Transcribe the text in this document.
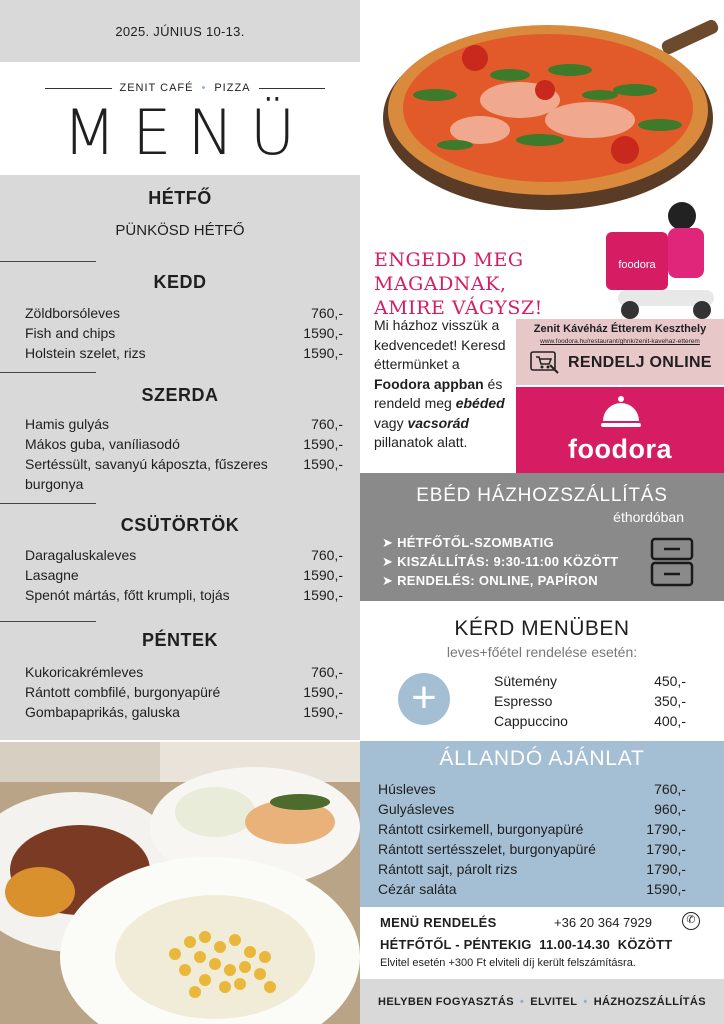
2025. JÚNIUS 10-13.
ZENIT CAFÉ • PIZZA
MENÜ
HÉTFŐ
PÜNKÖSD HÉTFŐ
KEDD
Zöldborsóleves	760,-
Fish and chips	1590,-
Holstein szelet, rizs	1590,-
SZERDA
Hamis gulyás	760,-
Mákos guba, vaníliasodó	1590,-
Sertéssült, savanyú káposzta, fűszeres burgonya
1590,-
CSÜTÖRTÖK
Daragaluskaleves	760,-
Lasagne	1590,-
Spenót mártás, főtt krumpli, tojás	1590,-
PÉNTEK
Kukoricakrémleves	760,-
Rántott combfilé, burgonyapüré	1590,-
Gombapaprikás, galuska	1590,-
ENGEDD MEG MAGADNAK,
AMIRE VÁGYSZ!
foodora
Mi házhoz visszük a kedvencedet! Keresd éttermünket a Foodora appban és rendeld meg ebéded vagy vacsorád pillanatok alatt.
Zenit Kávéház Étterem Keszthely
www.foodora.hu/restaurant/ghnk/zenit-kavehaz-etterem
RENDELJ ONLINE
foodora
EBÉD HÁZHOZSZÁLLÍTÁS
éthordóban
➤ HÉTFŐTŐL-SZOMBATIG
➤ KISZÁLLÍTÁS: 9:30-11:00 KÖZÖTT
➤ RENDELÉS: ONLINE, PAPÍRON
KÉRD MENÜBEN
leves+főétel rendelése esetén:
+	Sütemény	450,-
Espresso	350,-
Cappuccino	400,-
ÁLLANDÓ AJÁNLAT
Húsleves	760,-
Gulyásleves	960,-
Rántott csirkemell, burgonyapüré	1790,-
Rántott sertésszelet, burgonyapüré	1790,-
Rántott sajt, párolt rizs	1790,-
Cézár saláta	1590,-
MENÜ RENDELÉS	+36 20 364 7929	✆
HÉTFŐTŐL - PÉNTEKIG  11.00-14.30  KÖZÖTT
Elvitel esetén +300 Ft elviteli díj került felszámításra.
HELYBEN FOGYASZTÁS • ELVITEL • HÁZHOZSZÁLLÍTÁS
